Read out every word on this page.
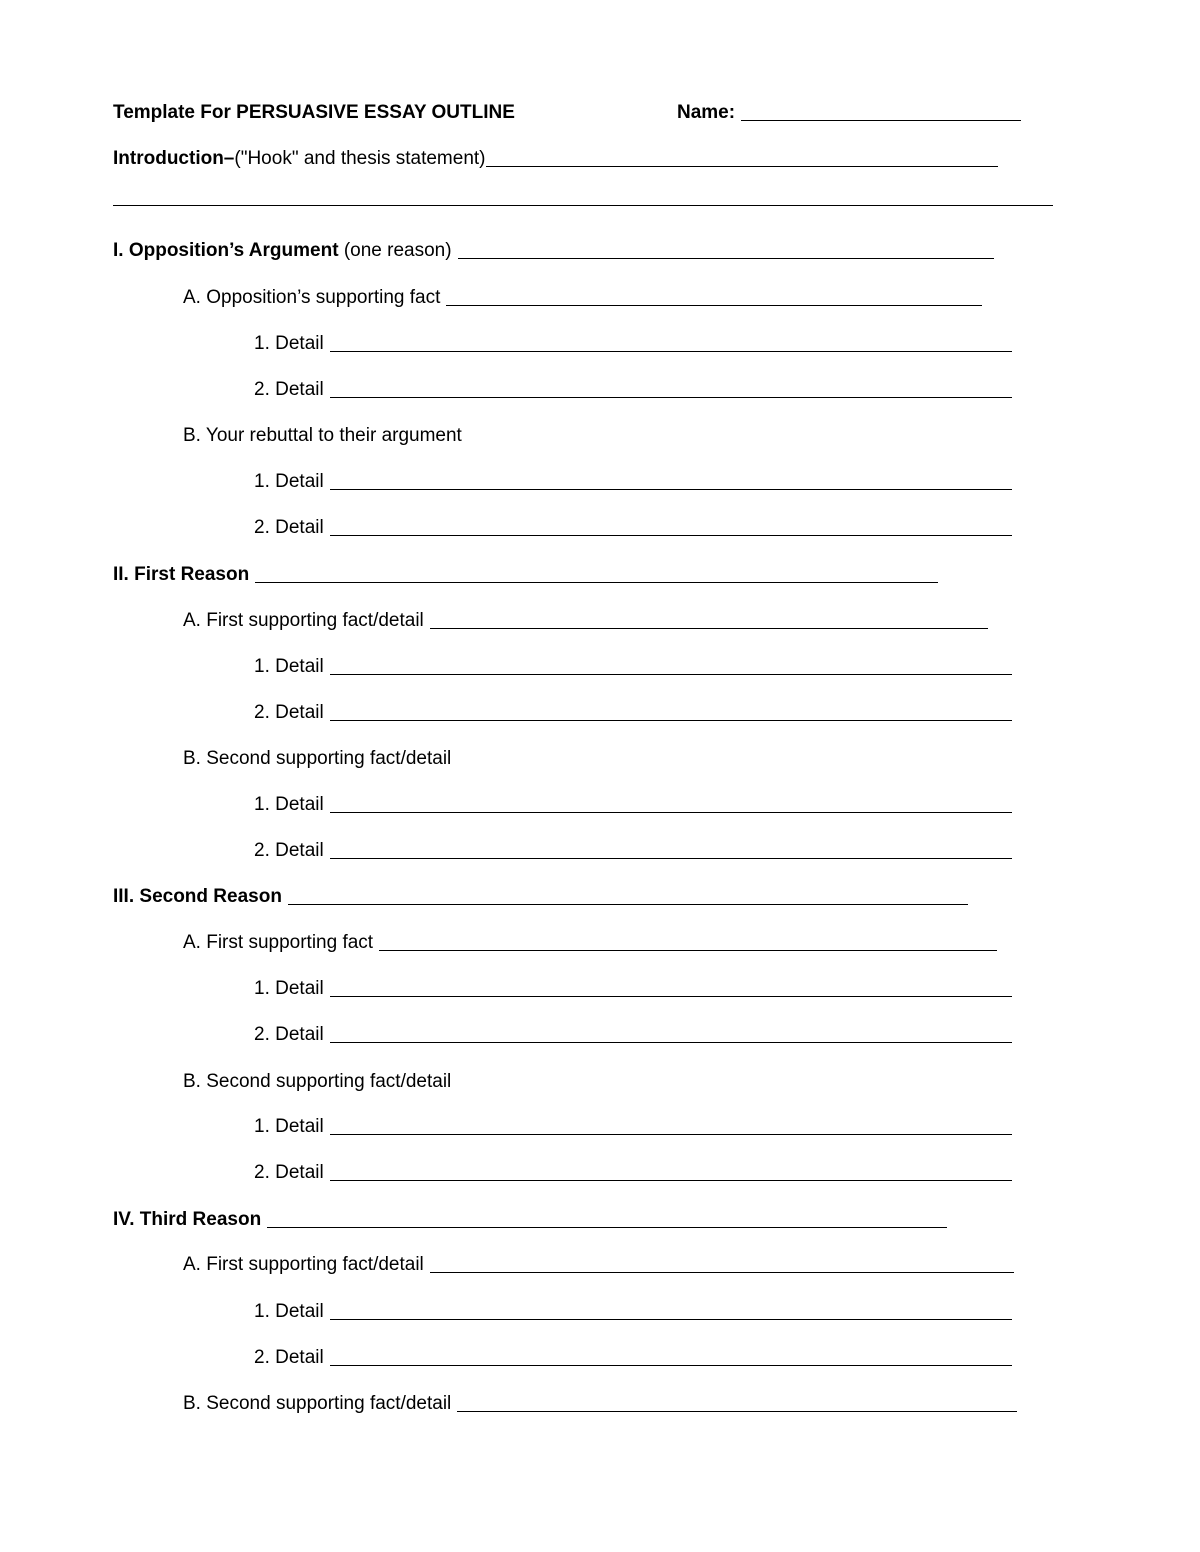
Template For PERSUASIVE ESSAY OUTLINE	Name:
Introduction– ("Hook" and thesis statement)
I. Opposition’s Argument (one reason)
A. Opposition’s supporting fact
1. Detail
2. Detail
B. Your rebuttal to their argument
1. Detail
2. Detail
II. First Reason
A. First supporting fact/detail
1. Detail
2. Detail
B. Second supporting fact/detail
1. Detail
2. Detail
III. Second Reason
A. First supporting fact
1. Detail
2. Detail
B. Second supporting fact/detail
1. Detail
2. Detail
IV. Third Reason
A. First supporting fact/detail
1. Detail
2. Detail
B. Second supporting fact/detail
